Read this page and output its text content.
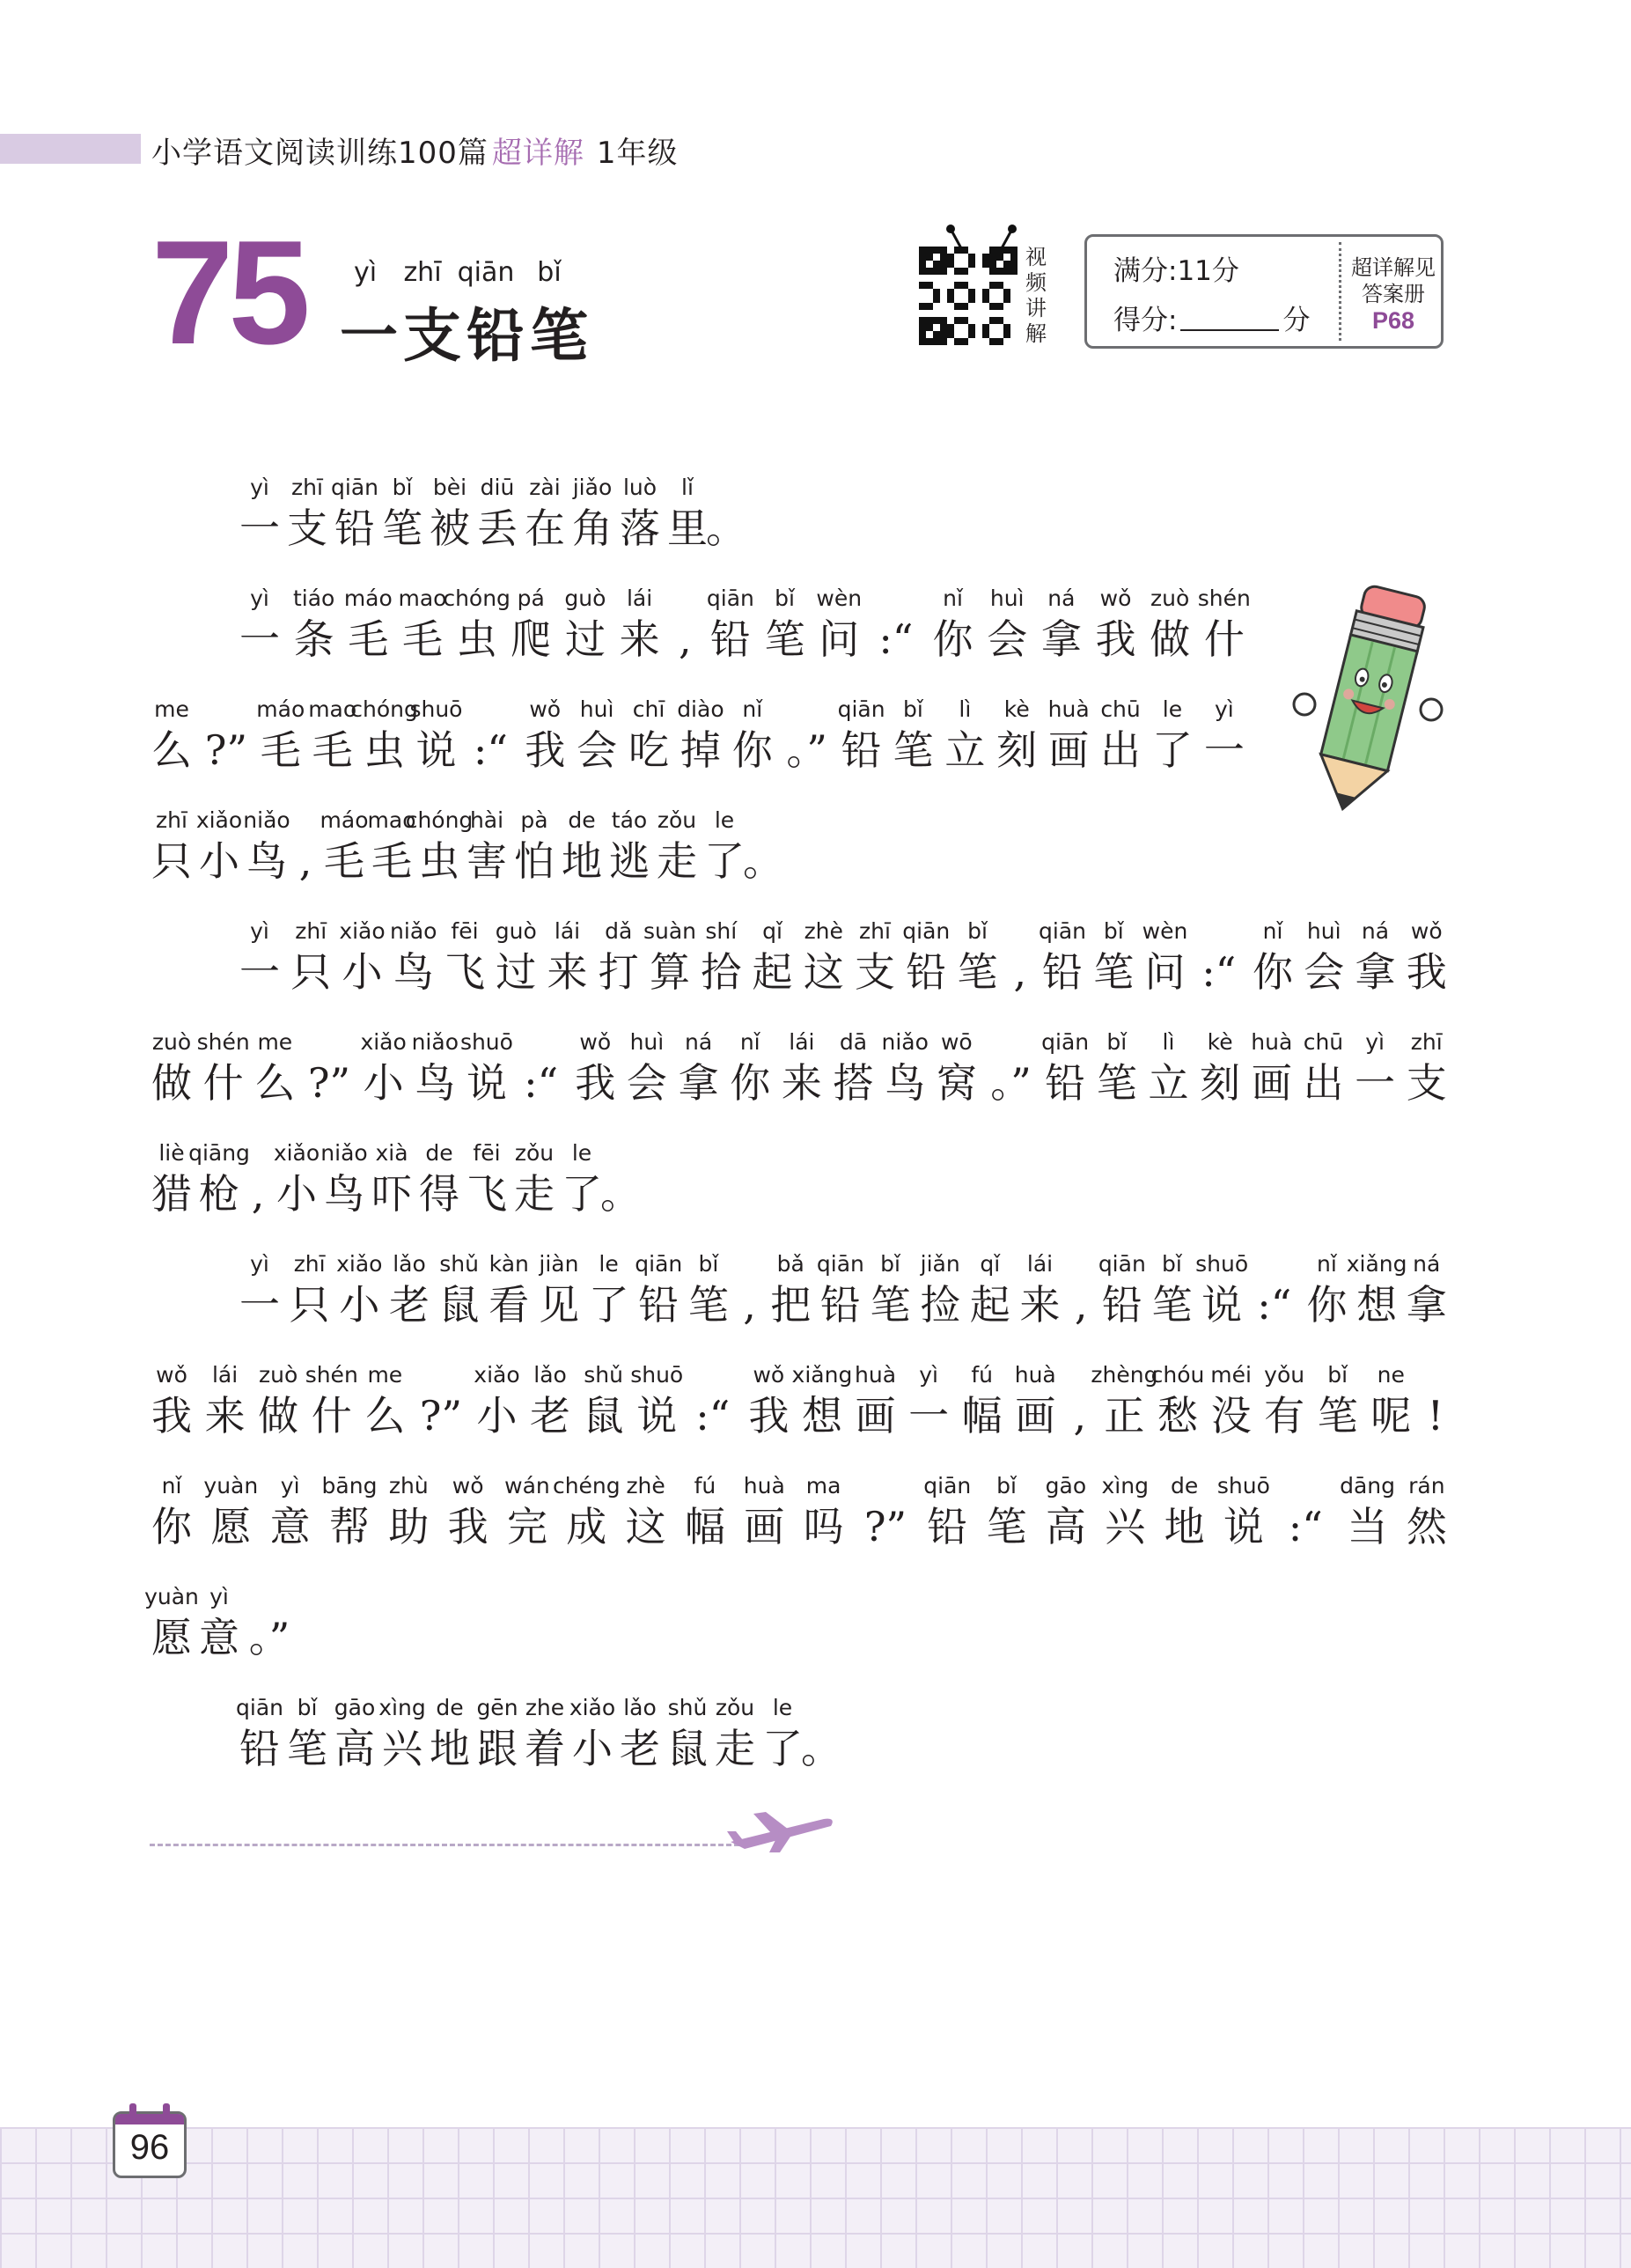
小学语文阅读训练100篇 超详解 1年级
75	yì	zhī qiān bǐ
一支铅笔
视
频
讲
解
满分:11分
得分:	分
超详解见
答案册
P68
yì
一
zhī
支
qiān
铅
bǐ
笔
bèi
被
diū
丢
zài
在
jiǎo
角
luò
落
lǐ
里
。
yì
一
tiáo
条
máo
毛
mao
毛
chóng
虫
pá
爬
guò
过
lái
来 ,
qiān
铅
bǐ
笔
wèn
问 :“
nǐ
你
huì
会
ná
拿
wǒ
我
zuò
做
shén
什
me
么 ?”
máo
毛
mao
毛
chóng
虫
shuō
说 :“
wǒ
我
huì
会
chī
吃
diào
掉
nǐ
你 。”
qiān
铅
bǐ
笔
lì
立
kè
刻
huà
画
chū
出
le
了
yì
一
zhī
只
xiǎo
小
niǎo
鸟 ,
máo
毛
mao
毛
chóng
虫
hài
害
pà
怕
de
地
táo
逃
zǒu
走
le
了
。
yì
一
zhī
只
xiǎo
小
niǎo
鸟
fēi
飞
guò
过
lái
来
dǎ
打
suàn
算
shí
拾
qǐ
起
zhè
这
zhī
支
qiān
铅
bǐ
笔 ,
qiān
铅
bǐ
笔
wèn
问 :“
nǐ
你
huì
会
ná
拿
wǒ
我
zuò
做
shén
什
me
么 ?”
xiǎo
小
niǎo
鸟
shuō
说 :“
wǒ
我
huì
会
ná
拿
nǐ
你
lái
来
dā
搭
niǎo
鸟
wō
窝 。”
qiān
铅
bǐ
笔
lì
立
kè
刻
huà
画
chū
出
yì
一
zhī
支
liè
猎
qiāng
枪 ,
xiǎo
小
niǎo
鸟
xià
吓
de
得
fēi
飞
zǒu
走
le
了
。
yì
一
zhī
只
xiǎo
小
lǎo
老
shǔ
鼠
kàn
看
jiàn
见
le
了
qiān
铅
bǐ
笔 ,
bǎ
把
qiān
铅
bǐ
笔
jiǎn
捡
qǐ
起
lái
来 ,
qiān
铅
bǐ
笔
shuō
说 :“
nǐ
你
xiǎng
想
ná
拿
wǒ
我
lái
来
zuò
做
shén
什
me
么 ?”
xiǎo
小
lǎo
老
shǔ
鼠
shuō
说 :“
wǒ
我
xiǎng
想
huà
画
yì
一
fú
幅
huà
画 ,
zhèng
正
chóu
愁
méi
没
yǒu
有
bǐ
笔
ne
呢 !
nǐ
你
yuàn
愿
yì
意
bāng
帮
zhù
助
wǒ
我
wán
完
chéng
成
zhè
这
fú
幅
huà
画
ma
吗 ?”
qiān
铅
bǐ
笔
gāo
高
xìng
兴
de
地
shuō
说 :“
dāng
当
rán
然
yuàn
愿
yì
意 。”
qiān
铅
bǐ
笔
gāo
高
xìng
兴
de
地
gēn
跟
zhe
着
xiǎo
小
lǎo
老
shǔ
鼠
zǒu
走
le
了
。
96
